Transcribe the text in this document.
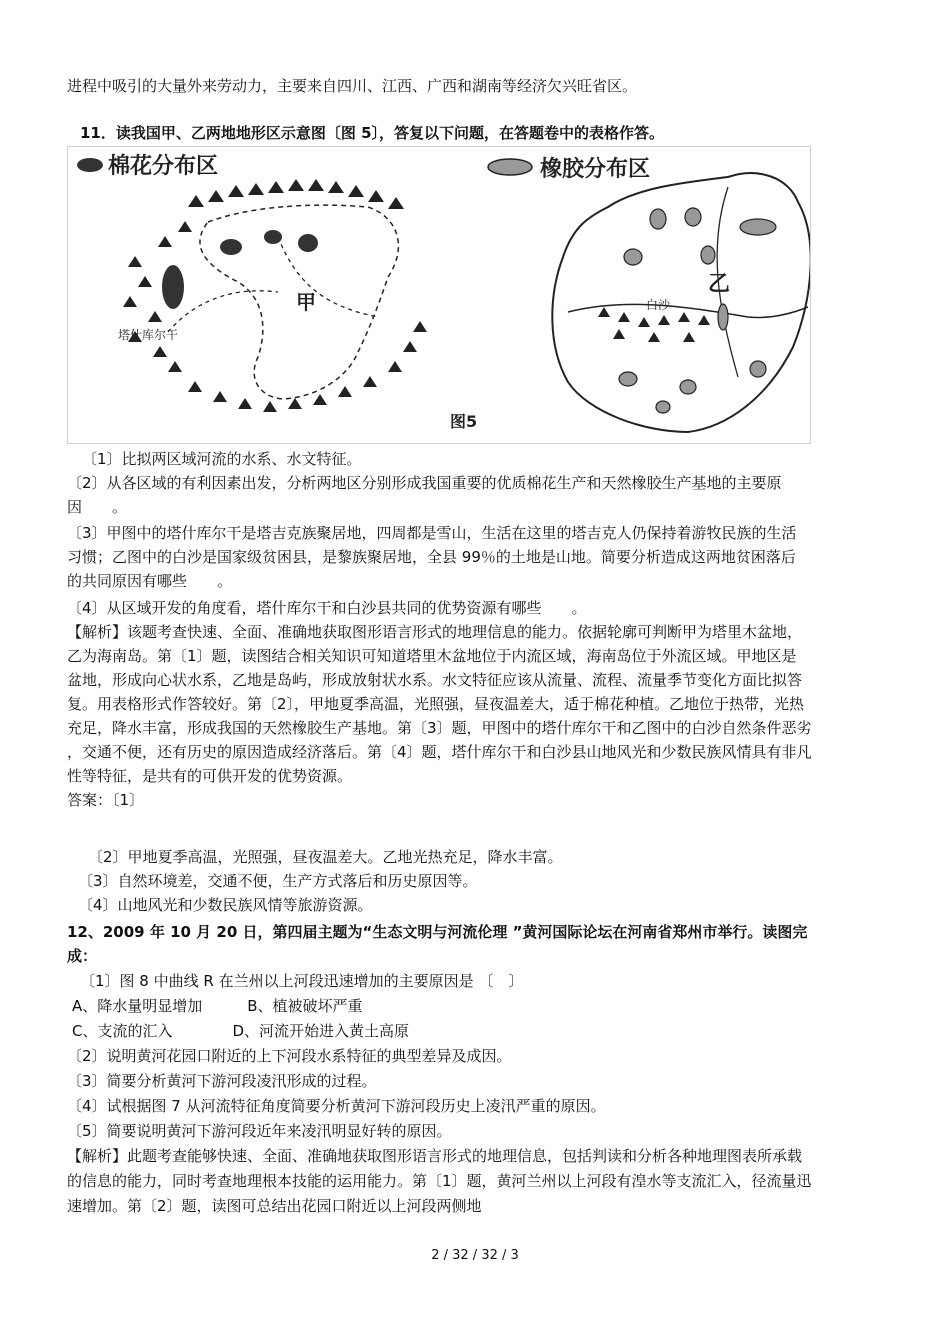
进程中吸引的大量外来劳动力，主要来自四川、江西、广西和湖南等经济欠兴旺省区。
11．读我国甲、乙两地地形区示意图〔图 5〕，答复以下问题，在答题卷中的表格作答。
棉花分布区	橡胶分布区
甲
塔什库尔干
乙
白沙
图5
〔1〕比拟两区域河流的水系、水文特征。
〔2〕从各区域的有利因素出发，分析两地区分别形成我国重要的优质棉花生产和天然橡胶生产基地的主要原
因　　。
〔3〕甲图中的塔什库尔干是塔吉克族聚居地，四周都是雪山，生活在这里的塔吉克人仍保持着游牧民族的生活
习惯；乙图中的白沙是国家级贫困县，是黎族聚居地，全县 99％的土地是山地。简要分析造成这两地贫困落后
的共同原因有哪些　　。
〔4〕从区域开发的角度看，塔什库尔干和白沙县共同的优势资源有哪些　　。
【解析】该题考查快速、全面、准确地获取图形语言形式的地理信息的能力。依据轮廓可判断甲为塔里木盆地，
乙为海南岛。第〔1〕题，读图结合相关知识可知道塔里木盆地位于内流区域，海南岛位于外流区域。甲地区是
盆地，形成向心状水系，乙地是岛屿，形成放射状水系。水文特征应该从流量、流程、流量季节变化方面比拟答
复。用表格形式作答较好。第〔2〕，甲地夏季高温，光照强，昼夜温差大，适于棉花种植。乙地位于热带，光热
充足，降水丰富，形成我国的天然橡胶生产基地。第〔3〕题，甲图中的塔什库尔干和乙图中的白沙自然条件恶劣
，交通不便，还有历史的原因造成经济落后。第〔4〕题，塔什库尔干和白沙县山地风光和少数民族风情具有非凡
性等特征，是共有的可供开发的优势资源。
答案：〔1〕
〔2〕甲地夏季高温，光照强，昼夜温差大。乙地光热充足，降水丰富。
〔3〕自然环境差，交通不便，生产方式落后和历史原因等。
〔4〕山地风光和少数民族风情等旅游资源。
12、2009 年 10 月 20 日，第四届主题为“生态文明与河流伦理 ”黄河国际论坛在河南省郑州市举行。读图完
成：
〔1〕图 8 中曲线 R 在兰州以上河段迅速增加的主要原因是 〔　〕
A、降水量明显增加　　　B、植被破坏严重
C、支流的汇入　　　　D、河流开始进入黄土高原
〔2〕说明黄河花园口附近的上下河段水系特征的典型差异及成因。
〔3〕简要分析黄河下游河段凌汛形成的过程。
〔4〕试根据图 7 从河流特征角度简要分析黄河下游河段历史上凌汛严重的原因。
〔5〕简要说明黄河下游河段近年来凌汛明显好转的原因。
【解析】此题考查能够快速、全面、准确地获取图形语言形式的地理信息，包括判读和分析各种地理图表所承载
的信息的能力，同时考查地理根本技能的运用能力。第〔1〕题，黄河兰州以上河段有湟水等支流汇入，径流量迅
速增加。第〔2〕题，读图可总结出花园口附近以上河段两侧地
2 / 32 / 32 / 3
